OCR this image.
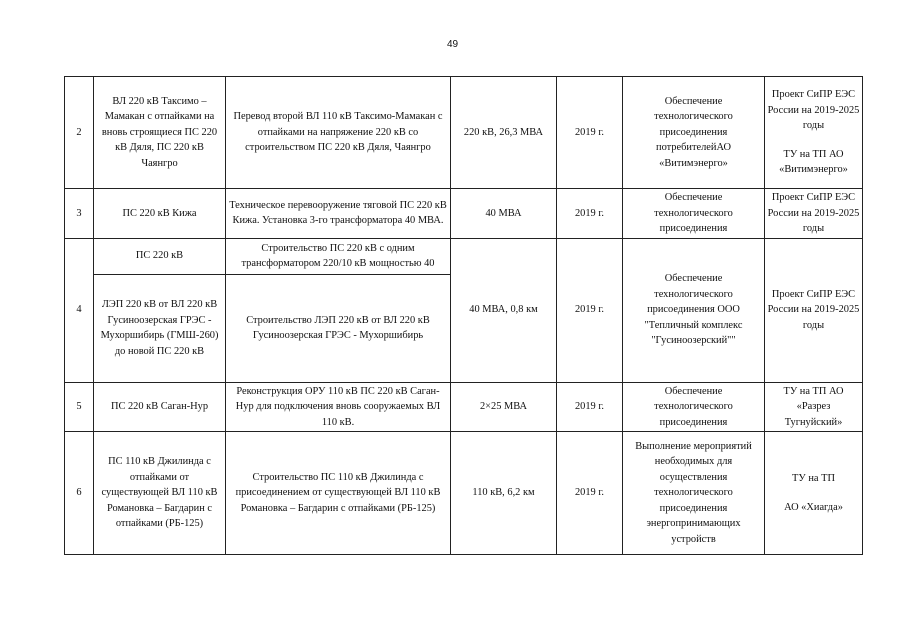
49
2	ВЛ 220 кВ Таксимо – Мамакан с отпайками на вновь строящиеся ПС 220 кВ Дяля, ПС 220 кВ Чаянгро	Перевод второй ВЛ 110 кВ Таксимо-Мамакан с отпайками на напряжение 220 кВ со строительством ПС 220 кВ Дяля, Чаянгро	220 кВ, 26,3 МВА	2019 г.	Обеспечение технологического присоединения потребителейАО «Витимэнерго»	Проект СиПР ЕЭС России на 2019-2025 годы
ТУ на ТП АО «Витимэнерго»
3	ПС 220 кВ Кижа	Техническое перевооружение тяговой ПС 220 кВ Кижа. Установка 3-го трансформатора 40 МВА.	40 МВА	2019 г.	Обеспечение технологического присоединения	Проект СиПР ЕЭС России на 2019-2025 годы
4	ПС 220 кВ	Строительство ПС 220 кВ с одним трансформатором 220/10 кВ мощностью 40	40 МВА, 0,8 км	2019 г.	Обеспечение технологического присоединения ООО "Тепличный комплекс "Гусиноозерский""	Проект СиПР ЕЭС России на 2019-2025 годы
	ЛЭП 220 кВ от ВЛ 220 кВ Гусиноозерская ГРЭС - Мухоршибирь (ГМШ-260) до новой ПС 220 кВ	Строительство ЛЭП 220 кВ от ВЛ 220 кВ Гусиноозерская ГРЭС - Мухоршибирь				
5	ПС 220 кВ Саган-Нур	Реконструкция ОРУ 110 кВ ПС 220 кВ Саган-Нур для подключения вновь сооружаемых ВЛ 110 кВ.	2×25 МВА	2019 г.	Обеспечение технологического присоединения	ТУ на ТП АО «Разрез Тугнуйский»
6	ПС 110 кВ Джилинда с отпайками от существующей ВЛ 110 кВ Романовка – Багдарин с отпайками (РБ-125)	Строительство ПС 110 кВ Джилинда с присоединением от существующей ВЛ 110 кВ Романовка – Багдарин с отпайками (РБ-125)	110 кВ, 6,2 км	2019 г.	Выполнение мероприятий необходимых для осуществления технологического присоединения энергопринимающих устройств	ТУ на ТП
АО «Хиагда»
